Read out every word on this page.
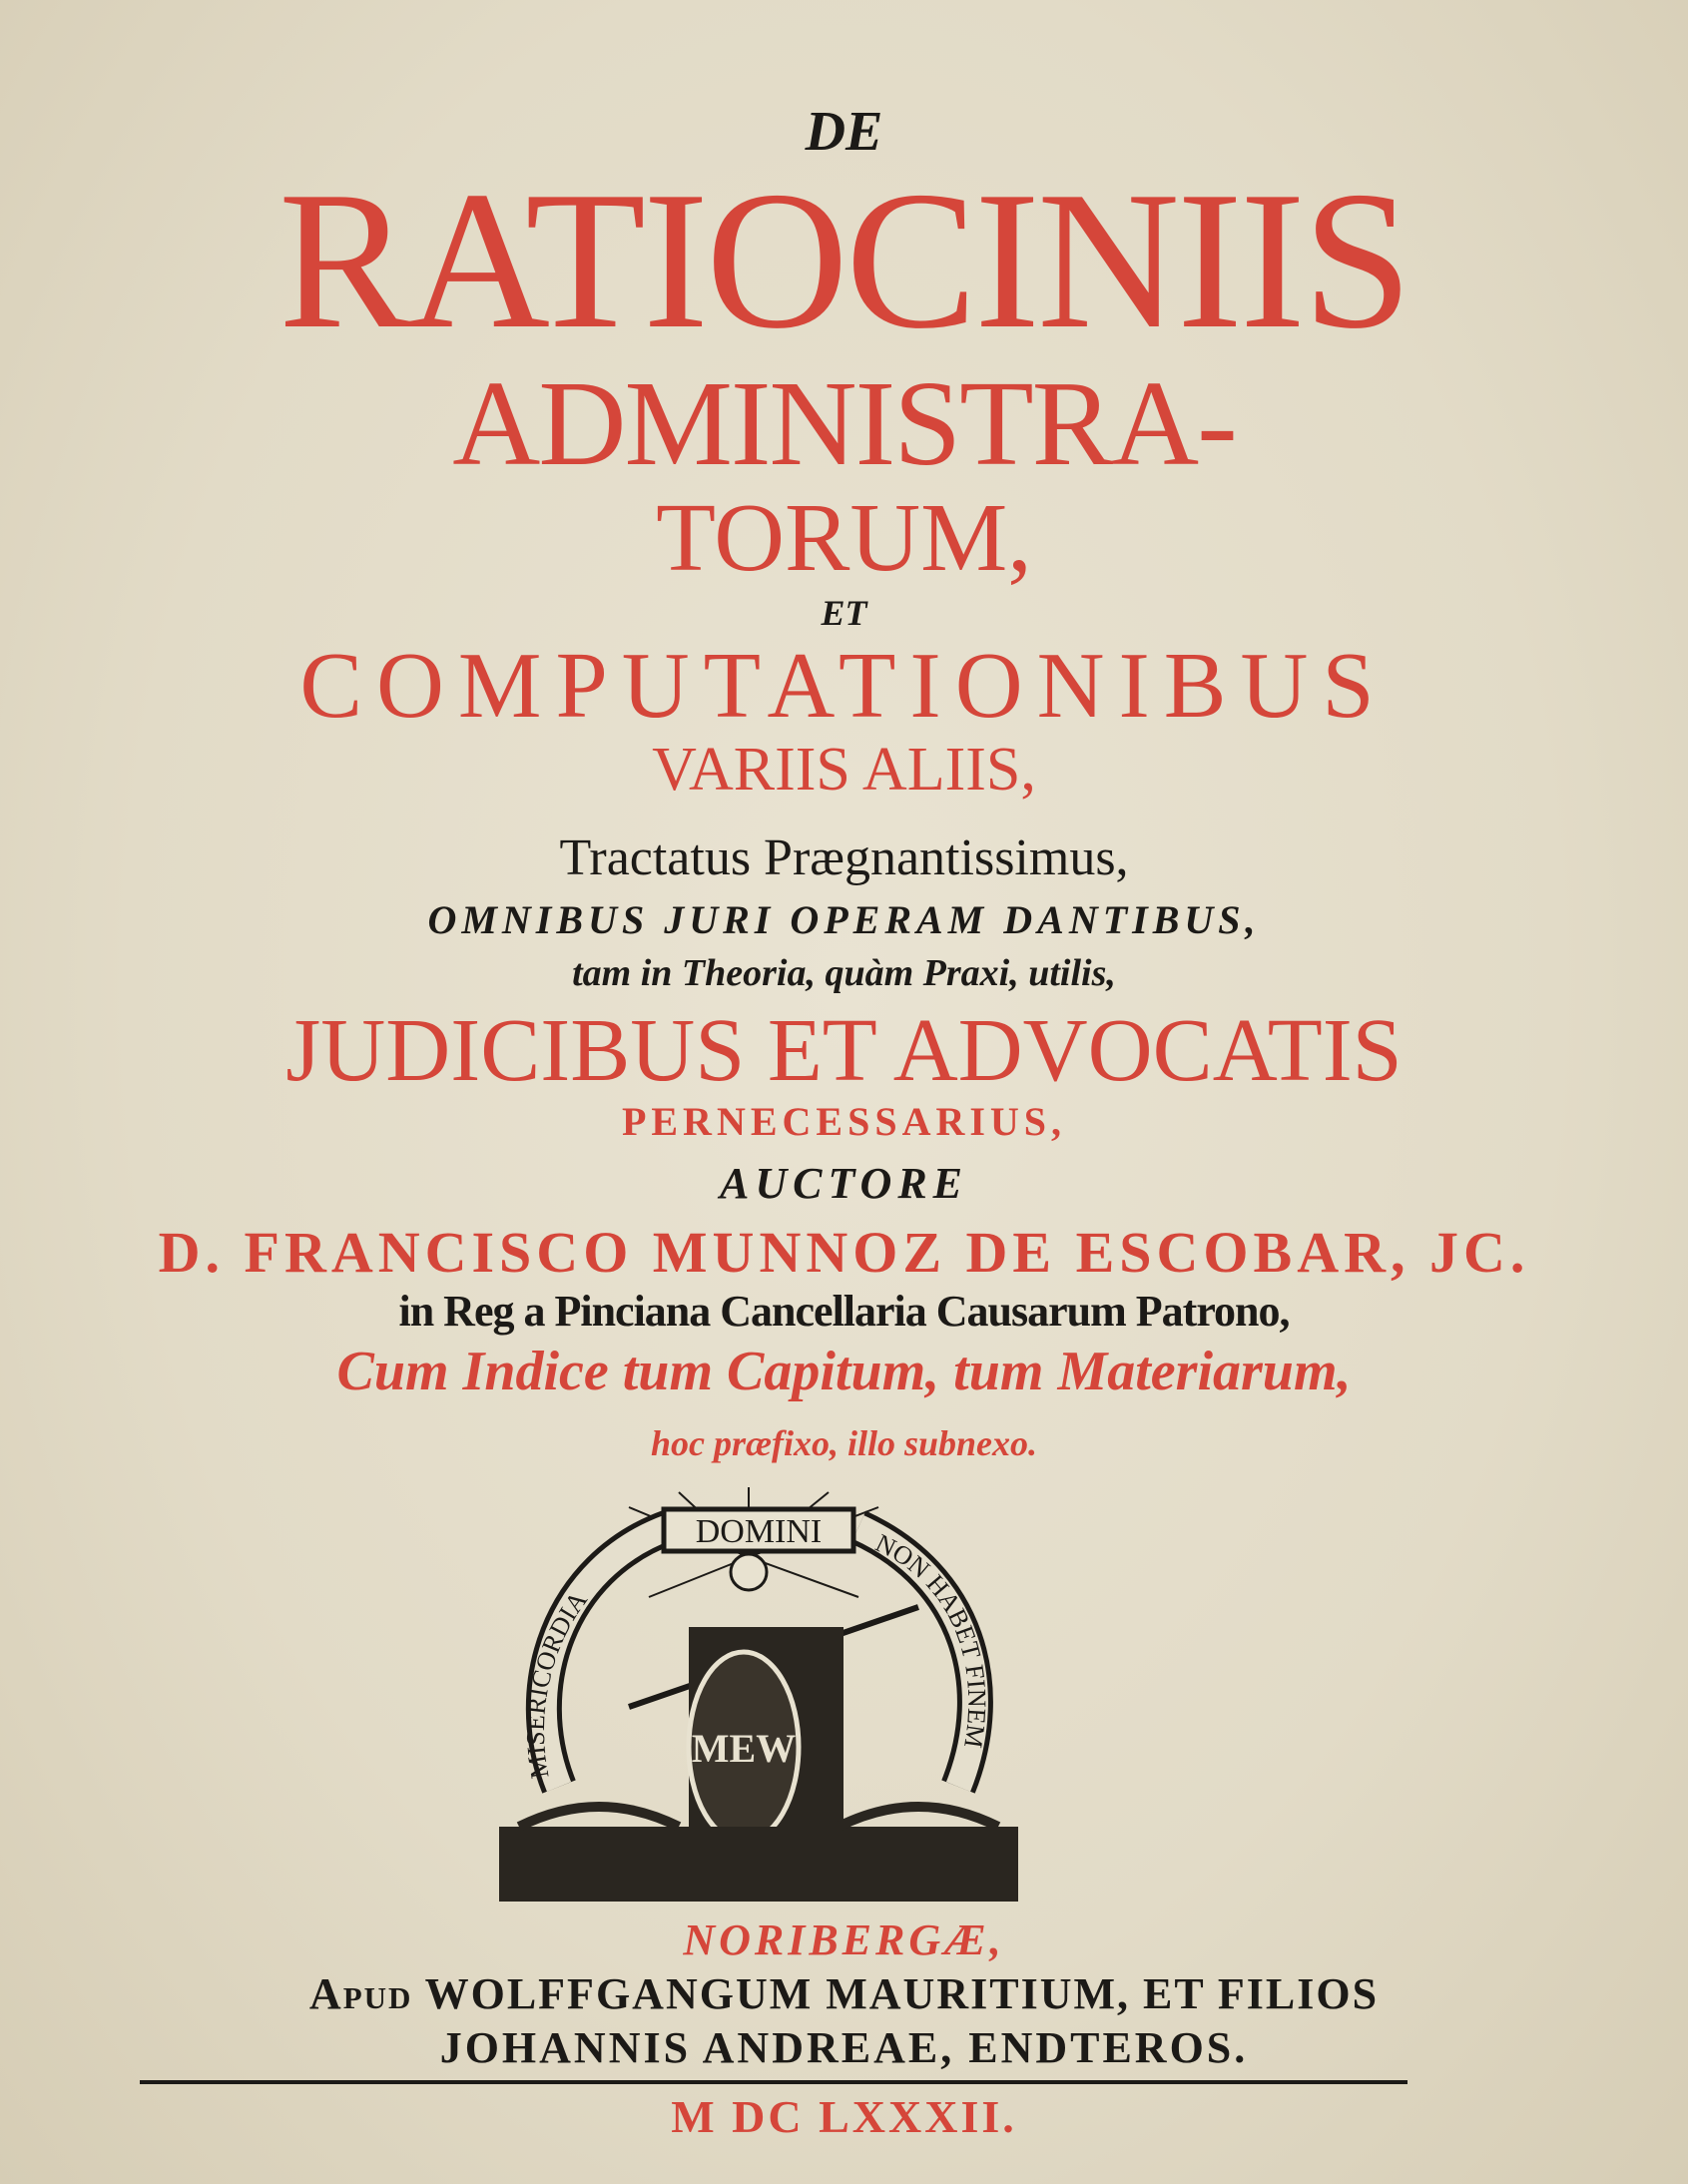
DE
RATIOCINIIS
ADMINISTRA-
TORUM,
ET
COMPUTATIONIBUS
VARIIS ALIIS,
Tractatus Prægnantissimus,
OMNIBUS JURI OPERAM DANTIBUS,
tam in Theoria, quàm Praxi, utilis,
JUDICIBUS ET ADVOCATIS
PERNECESSARIUS,
AUCTORE
D. FRANCISCO MUNNOZ DE ESCOBAR, JC.
in Reg a Pinciana Cancellaria Causarum Patrono,
Cum Indice tum Capitum, tum Materiarum,
hoc præfixo, illo subnexo.
DOMINI NON HABET FINEM
MISERICORDIA
MEW
NORIBERGÆ,
Apud WOLFFGANGUM MAURITIUM, ET FILIOS
JOHANNIS ANDREAE, ENDTEROS.
M DC LXXXII.
